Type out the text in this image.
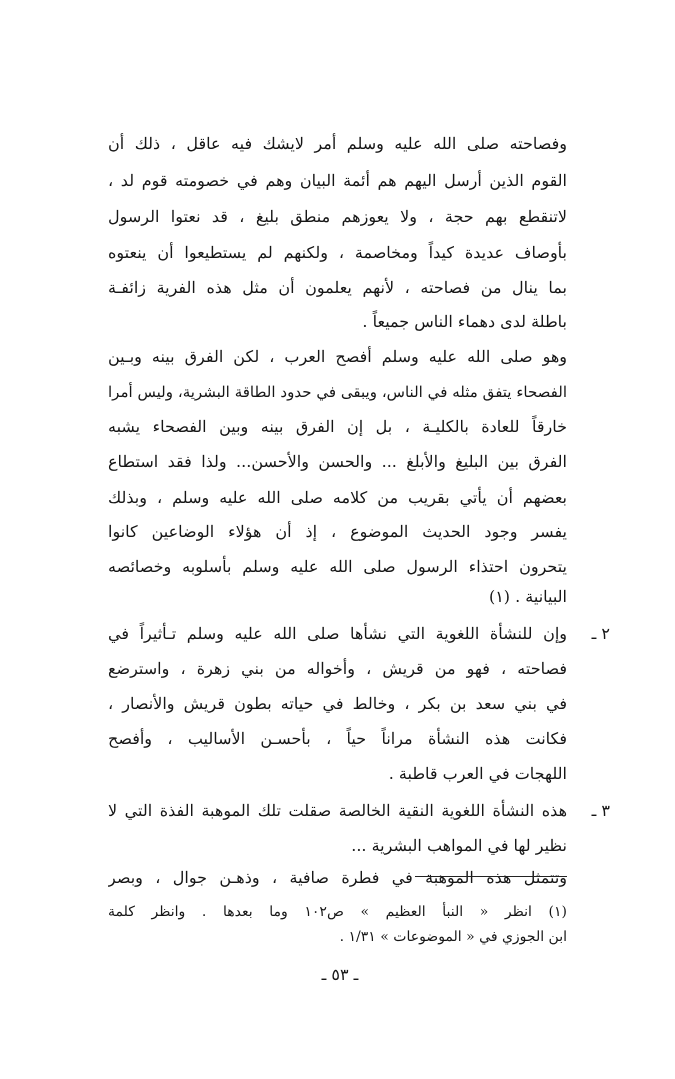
وفصاحته صلى الله عليه وسلم أمر لايشك فيه عاقل ، ذلك أن
القوم الذين أرسل اليهم هم أئمة البيان وهم في خصومته قوم لد ،
لاتنقطع بهم حجة ، ولا يعوزهم منطق بليغ ، قد نعتوا الرسول
بأوصاف عديدة كيداً ومخاصمة ، ولكنهم لم يستطيعوا أن ينعتوه
بما ينال من فصاحته ، لأنهم يعلمون أن مثل هذه الفرية زائفـة
باطلة لدى دهماء الناس جميعاً .
وهو صلى الله عليه وسلم أفصح العرب ، لكن الفرق بينه وبـين
الفصحاء يتفق مثله في الناس، ويبقى في حدود الطاقة البشرية، وليس أمرا
خارقاً للعادة بالكليـة ، بل إن الفرق بينه وبين الفصحاء يشبه
الفرق بين البليغ والأبلغ ... والحسن والأحسن... ولذا فقد استطاع
بعضهم أن يأتي بقريب من كلامه صلى الله عليه وسلم ، وبذلك
يفسر وجود الحديث الموضوع ، إذ أن هؤلاء الوضاعين كانوا
يتحرون احتذاء الرسول صلى الله عليه وسلم بأسلوبه وخصائصه
البيانية . (١)
٢ ـ
وإن للنشأة اللغوية التي نشأها صلى الله عليه وسلم تـأثيراً في
فصاحته ، فهو من قريش ، وأخواله من بني زهرة ، واسترضع
في بني سعد بن بكر ، وخالط في حياته بطون قريش والأنصار ،
فكانت هذه النشأة مراناً حياً ، بأحسـن الأساليب ، وأفصح
اللهجات في العرب قاطبة .
٣ ـ
هذه النشأة اللغوية النقية الخالصة صقلت تلك الموهبة الفذة التي لا
نظير لها في المواهب البشرية ...
وتتمثل هذه الموهبة في فطرة صافية ، وذهـن جوال ، وبصر
(١) انظر « النبأ العظيم » ص١٠٢ وما بعدها . وانظر كلمة
ابن الجوزي في « الموضوعات » ١/٣١ .
ـ ٥٣ ـ
